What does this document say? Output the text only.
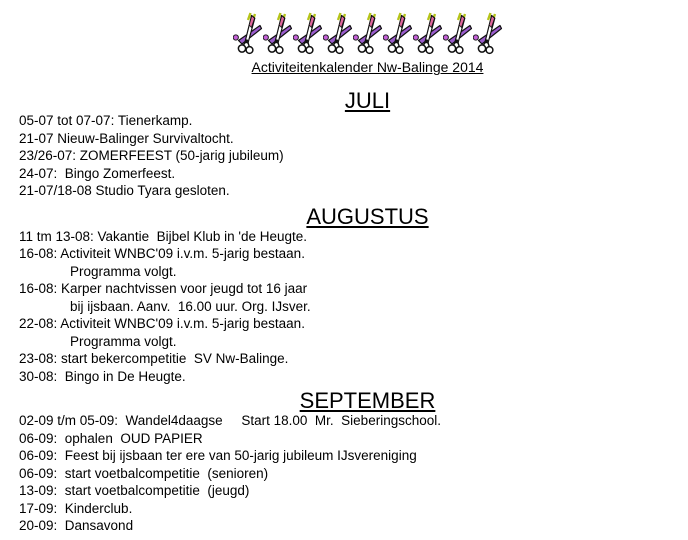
Activiteitenkalender Nw-Balinge 2014
JULI
05-07 tot 07-07: Tienerkamp.
21-07 Nieuw-Balinger Survivaltocht.
23/26-07: ZOMERFEEST (50-jarig jubileum)
24-07:  Bingo Zomerfeest.
21-07/18-08 Studio Tyara gesloten.
AUGUSTUS
11 tm 13-08: Vakantie  Bijbel Klub in 'de Heugte.
16-08: Activiteit WNBC'09 i.v.m. 5-jarig bestaan.
Programma volgt.
16-08: Karper nachtvissen voor jeugd tot 16 jaar
bij ijsbaan. Aanv.  16.00 uur. Org. IJsver.
22-08: Activiteit WNBC'09 i.v.m. 5-jarig bestaan.
Programma volgt.
23-08: start bekercompetitie  SV Nw-Balinge.
30-08:  Bingo in De Heugte.
SEPTEMBER
02-09 t/m 05-09:  Wandel4daagse     Start 18.00  Mr.  Sieberingschool.
06-09:  ophalen  OUD PAPIER
06-09:  Feest bij ijsbaan ter ere van 50-jarig jubileum IJsvereniging
06-09:  start voetbalcompetitie  (senioren)
13-09:  start voetbalcompetitie  (jeugd)
17-09:  Kinderclub.
20-09:  Dansavond
